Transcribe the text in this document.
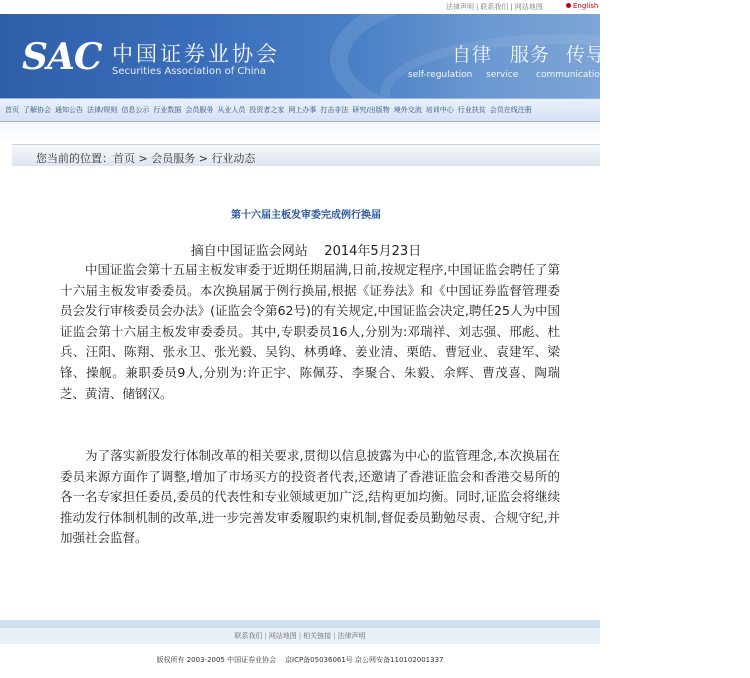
法律声明 | 联系我们 | 网站地图	English
SAC 中国证券业协会
Securities Association of China
自律 服务 传导
self-regulation service communication
首页 了解协会 通知公告 法律/规则 信息公示 行业数据 会员服务 从业人员 投资者之家 网上办事 打击非法 研究/出版物 境外交流 培训中心 行业扶贫 会员在线注册
您当前的位置：首页 > 会员服务 > 行业动态
第十六届主板发审委完成例行换届
摘自中国证监会网站    2014年5月23日

中国证监会第十五届主板发审委于近期任期届满,日前,按规定程序,中国证监会聘任了第十六届主板发审委委员。本次换届属于例行换届,根据《证券法》和《中国证券监督管理委员会发行审核委员会办法》(证监会令第62号)的有关规定,中国证监会决定,聘任25人为中国证监会第十六届主板发审委委员。其中,专职委员16人,分别为:邓瑞祥、刘志强、邢彪、杜兵、汪阳、陈翔、张永卫、张光毅、吴钧、林勇峰、姜业清、栗皓、曹冠业、袁建军、梁锋、操舰。兼职委员9人,分别为:许正宇、陈佩芬、李聚合、朱毅、余辉、曹茂喜、陶瑞芝、黄清、储钢汉。

为了落实新股发行体制改革的相关要求,贯彻以信息披露为中心的监管理念,本次换届在委员来源方面作了调整,增加了市场买方的投资者代表,还邀请了香港证监会和香港交易所的各一名专家担任委员,委员的代表性和专业领域更加广泛,结构更加均衡。同时,证监会将继续推动发行体制机制的改革,进一步完善发审委履职约束机制,督促委员勤勉尽责、合规守纪,并加强社会监督。

联系我们 | 网站地图 | 相关链接 | 法律声明
版权所有 2003-2005 中国证券业协会    京ICP备05036061号 京公网安备110102001337
